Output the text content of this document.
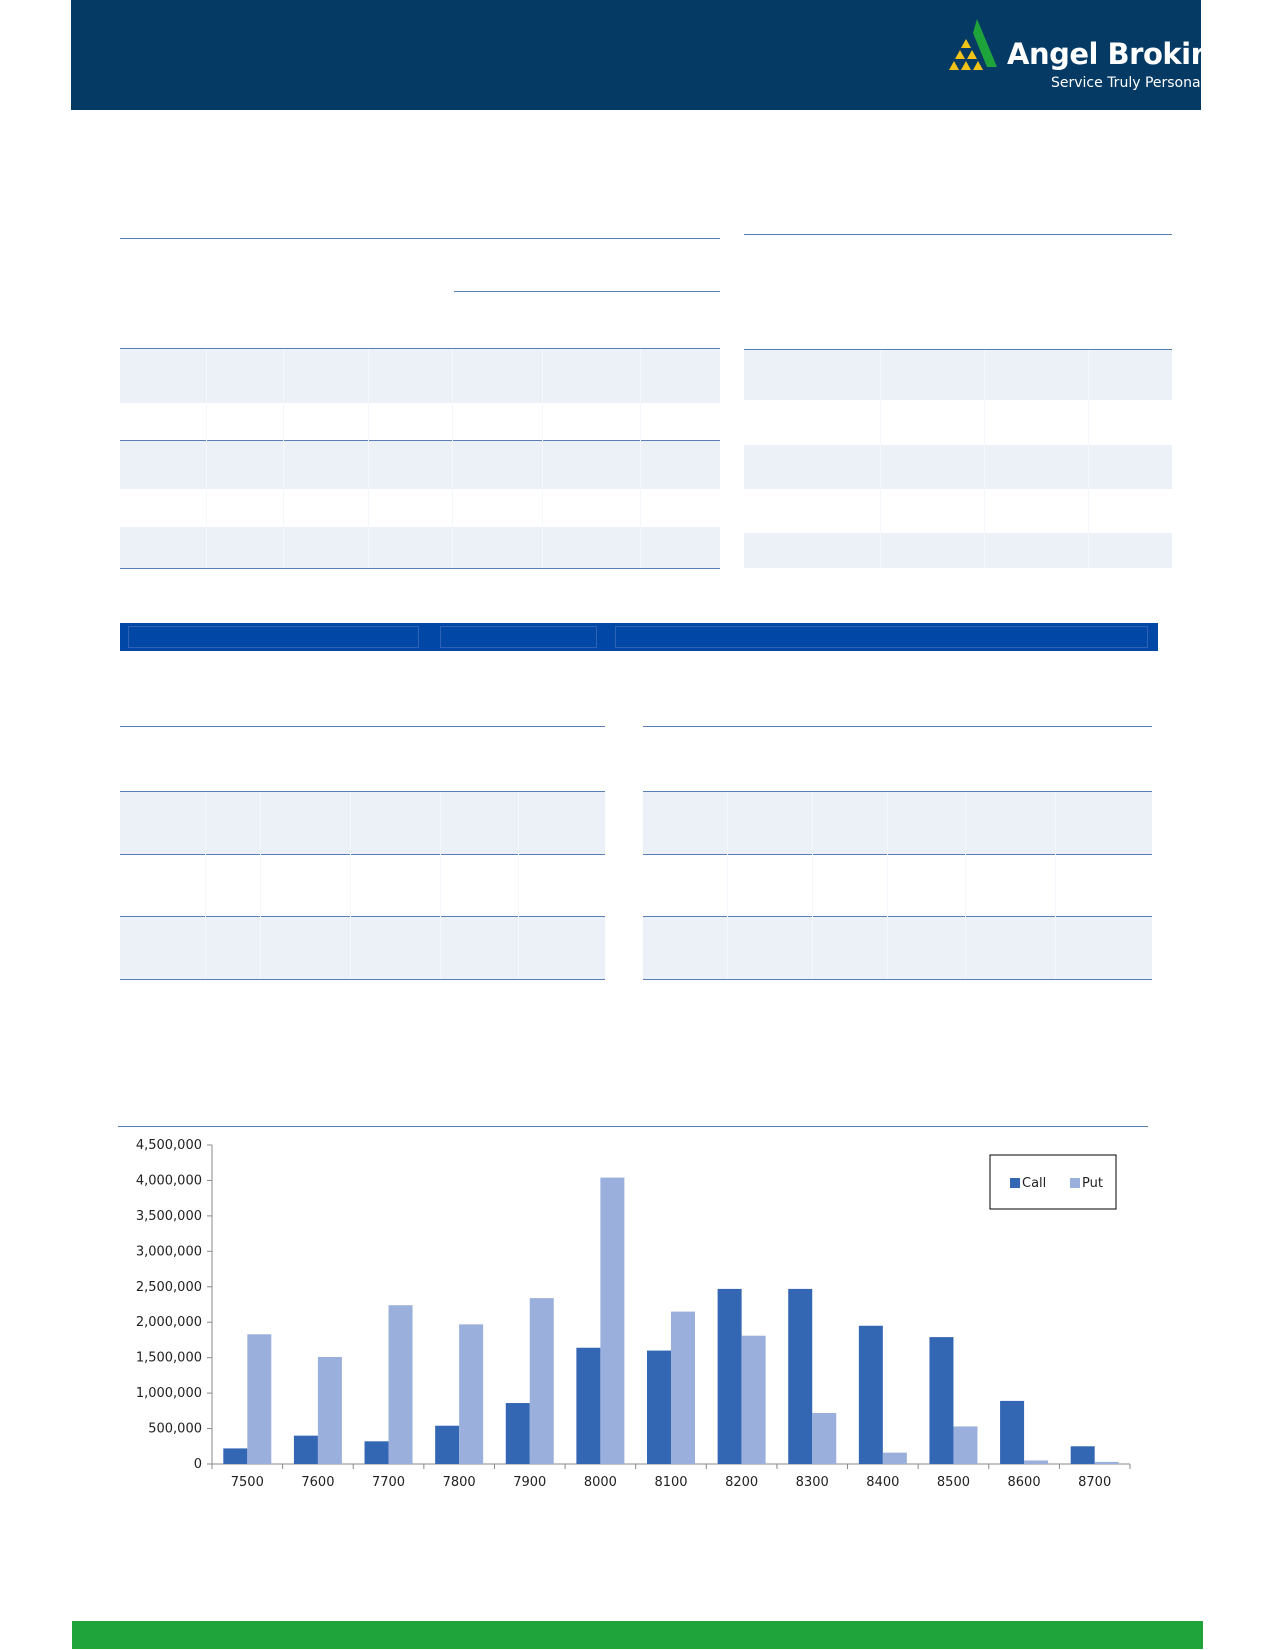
Angel Broking®
Service Truly Personalized
0
500,000
1,000,000
1,500,000
2,000,000
2,500,000
3,000,000
3,500,000
4,000,000
4,500,000
7500	7600	7700	7800	7900	8000	8100	8200	8300	8400	8500	8600	8700
Call	Put
